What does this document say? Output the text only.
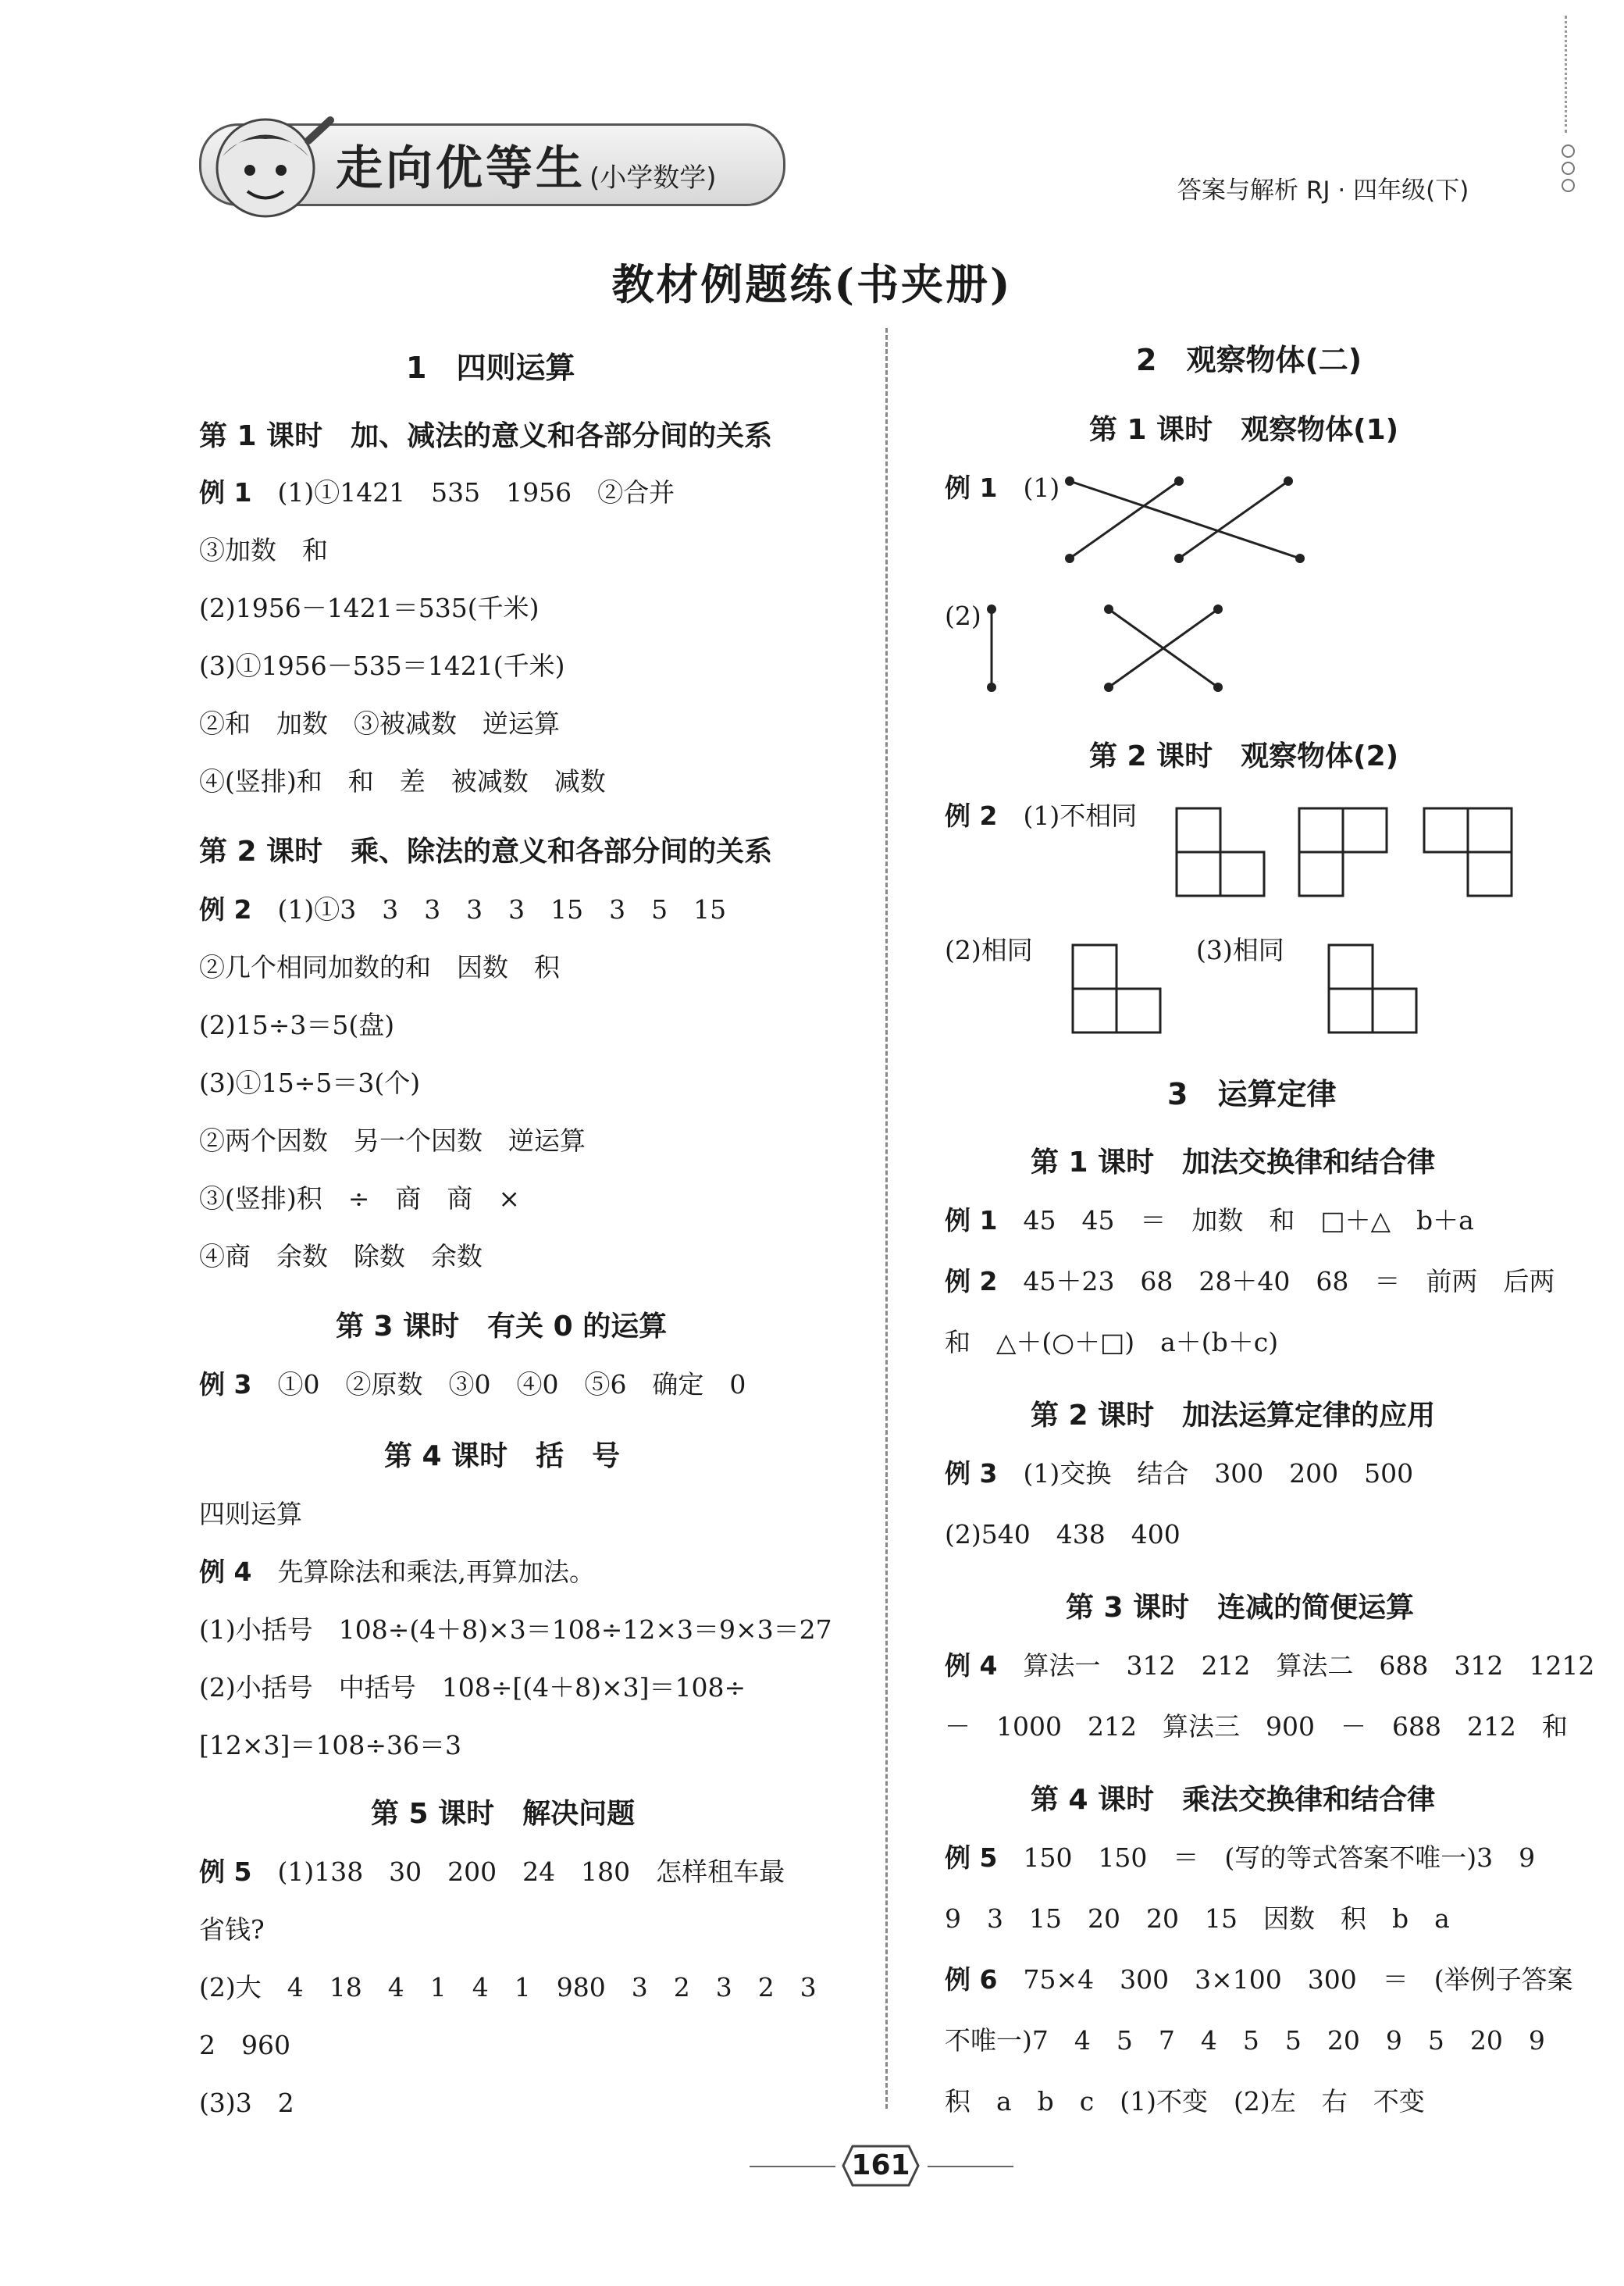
走向优等生 (小学数学)	答案与解析 RJ · 四年级(下)
教材例题练(书夹册)
1　四则运算
第 1 课时　加、减法的意义和各部分间的关系
例 1　 (1)①1421　535　1956　②合并
③加数　和
(2)1956－1421＝535(千米)
(3)①1956－535＝1421(千米)
②和　加数　③被减数　逆运算
④(竖排)和　和　差　被减数　减数
第 2 课时　乘、除法的意义和各部分间的关系
例 2　 (1)①3　3　3　3　3　15　3　5　15
②几个相同加数的和　因数　积
(2)15÷3＝5(盘)
(3)①15÷5＝3(个)
②两个因数　另一个因数　逆运算
③(竖排)积　÷　商　商　×
④商　余数　除数　余数
第 3 课时　有关 0 的运算
例 3　 ①0　②原数　③0　④0　⑤6　确定　0
第 4 课时　括　号
四则运算
例 4　 先算除法和乘法,再算加法。
(1)小括号　108÷(4＋8)×3＝108÷12×3＝9×3＝27
(2)小括号　中括号　108÷[(4＋8)×3]＝108÷
[12×3]＝108÷36＝3
第 5 课时　解决问题
例 5　 (1)138　30　200　24　180　怎样租车最
省钱?
(2)大　4　18　4　1　4　1　980　3　2　3　2　3
2　960
(3)3　2
2　观察物体(二)
第 1 课时　观察物体(1)
例 1　 (1)
(2)
第 2 课时　观察物体(2)
例 2　 (1)不相同
(2)相同	(3)相同
3　运算定律
第 1 课时　加法交换律和结合律
例 1　 45　45　＝　加数　和　□＋△　b＋a
例 2　 45＋23　68　28＋40　68　＝　前两　后两
和　△＋(○＋□)　a＋(b＋c)
第 2 课时　加法运算定律的应用
例 3　 (1)交换　结合　300　200　500
(2)540　438　400
第 3 课时　连减的简便运算
例 4　 算法一　312　212　算法二　688　312　1212
－　1000　212　算法三　900　－　688　212　和
第 4 课时　乘法交换律和结合律
例 5　 150　150　＝　(写的等式答案不唯一)3　9
9　3　15　20　20　15　因数　积　b　a
例 6　 75×4　300　3×100　300　＝　(举例子答案
不唯一)7　4　5　7　4　5　5　20　9　5　20　9
积　a　b　c　(1)不变　(2)左　右　不变
161
